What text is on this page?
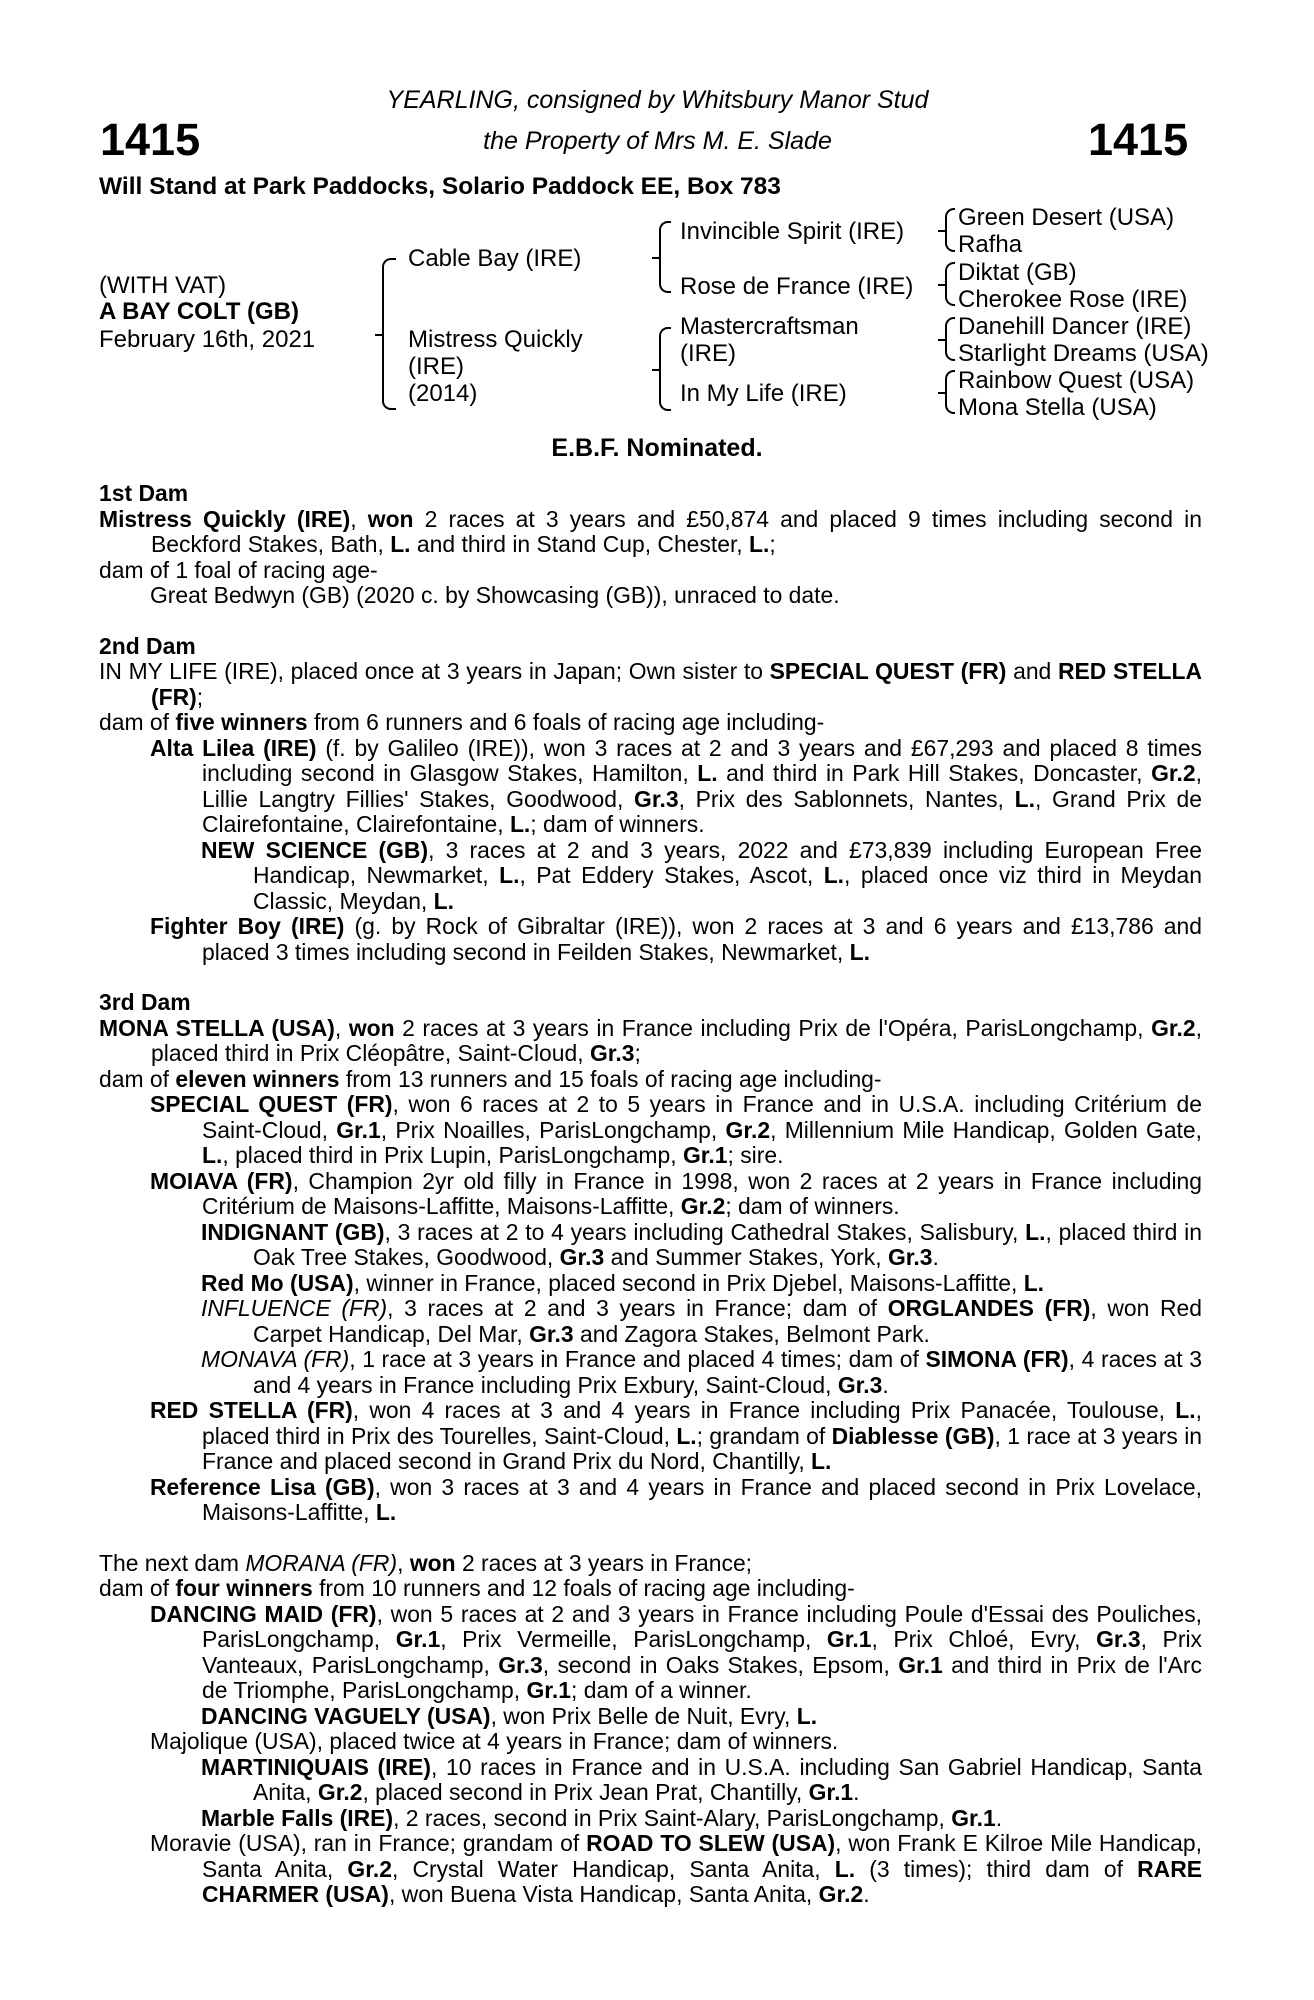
YEARLING, consigned by Whitsbury Manor Stud
the Property of Mrs M. E. Slade
1415	1415
Will Stand at Park Paddocks, Solario Paddock EE, Box 783
(WITH VAT)
A BAY COLT (GB)
February 16th, 2021
Cable Bay (IRE)
Mistress Quickly
(IRE)
(2014)
Invincible Spirit (IRE)
Rose de France (IRE)
Mastercraftsman
(IRE)
In My Life (IRE)
Green Desert (USA)
Rafha
Diktat (GB)
Cherokee Rose (IRE)
Danehill Dancer (IRE)
Starlight Dreams (USA)
Rainbow Quest (USA)
Mona Stella (USA)
E.B.F. Nominated.
1st Dam

Mistress Quickly (IRE), won 2 races at 3 years and £50,874 and placed 9 times including second in Beckford Stakes, Bath, L. and third in Stand Cup, Chester, L.;

dam of 1 foal of racing age-

Great Bedwyn (GB) (2020 c. by Showcasing (GB)), unraced to date.

2nd Dam

IN MY LIFE (IRE), placed once at 3 years in Japan; Own sister to SPECIAL QUEST (FR) and RED STELLA (FR);

dam of five winners from 6 runners and 6 foals of racing age including-

Alta Lilea (IRE) (f. by Galileo (IRE)), won 3 races at 2 and 3 years and £67,293 and placed 8 times including second in Glasgow Stakes, Hamilton, L. and third in Park Hill Stakes, Doncaster, Gr.2, Lillie Langtry Fillies' Stakes, Goodwood, Gr.3, Prix des Sablonnets, Nantes, L., Grand Prix de Clairefontaine, Clairefontaine, L.; dam of winners.

NEW SCIENCE (GB), 3 races at 2 and 3 years, 2022 and £73,839 including European Free Handicap, Newmarket, L., Pat Eddery Stakes, Ascot, L., placed once viz third in Meydan Classic, Meydan, L.

Fighter Boy (IRE) (g. by Rock of Gibraltar (IRE)), won 2 races at 3 and 6 years and £13,786 and placed 3 times including second in Feilden Stakes, Newmarket, L.

3rd Dam

MONA STELLA (USA), won 2 races at 3 years in France including Prix de l'Opéra, ParisLongchamp, Gr.2, placed third in Prix Cléopâtre, Saint-Cloud, Gr.3;

dam of eleven winners from 13 runners and 15 foals of racing age including-

SPECIAL QUEST (FR), won 6 races at 2 to 5 years in France and in U.S.A. including Critérium de Saint-Cloud, Gr.1, Prix Noailles, ParisLongchamp, Gr.2, Millennium Mile Handicap, Golden Gate, L., placed third in Prix Lupin, ParisLongchamp, Gr.1; sire.

MOIAVA (FR), Champion 2yr old filly in France in 1998, won 2 races at 2 years in France including Critérium de Maisons-Laffitte, Maisons-Laffitte, Gr.2; dam of winners.

INDIGNANT (GB), 3 races at 2 to 4 years including Cathedral Stakes, Salisbury, L., placed third in Oak Tree Stakes, Goodwood, Gr.3 and Summer Stakes, York, Gr.3.

Red Mo (USA), winner in France, placed second in Prix Djebel, Maisons-Laffitte, L.

INFLUENCE (FR), 3 races at 2 and 3 years in France; dam of ORGLANDES (FR), won Red Carpet Handicap, Del Mar, Gr.3 and Zagora Stakes, Belmont Park.

MONAVA (FR), 1 race at 3 years in France and placed 4 times; dam of SIMONA (FR), 4 races at 3 and 4 years in France including Prix Exbury, Saint-Cloud, Gr.3.

RED STELLA (FR), won 4 races at 3 and 4 years in France including Prix Panacée, Toulouse, L., placed third in Prix des Tourelles, Saint-Cloud, L.; grandam of Diablesse (GB), 1 race at 3 years in France and placed second in Grand Prix du Nord, Chantilly, L.

Reference Lisa (GB), won 3 races at 3 and 4 years in France and placed second in Prix Lovelace, Maisons-Laffitte, L.

The next dam MORANA (FR), won 2 races at 3 years in France;

dam of four winners from 10 runners and 12 foals of racing age including-

DANCING MAID (FR), won 5 races at 2 and 3 years in France including Poule d'Essai des Pouliches, ParisLongchamp, Gr.1, Prix Vermeille, ParisLongchamp, Gr.1, Prix Chloé, Evry, Gr.3, Prix Vanteaux, ParisLongchamp, Gr.3, second in Oaks Stakes, Epsom, Gr.1 and third in Prix de l'Arc de Triomphe, ParisLongchamp, Gr.1; dam of a winner.

DANCING VAGUELY (USA), won Prix Belle de Nuit, Evry, L.

Majolique (USA), placed twice at 4 years in France; dam of winners.

MARTINIQUAIS (IRE), 10 races in France and in U.S.A. including San Gabriel Handicap, Santa Anita, Gr.2, placed second in Prix Jean Prat, Chantilly, Gr.1.

Marble Falls (IRE), 2 races, second in Prix Saint-Alary, ParisLongchamp, Gr.1.

Moravie (USA), ran in France; grandam of ROAD TO SLEW (USA), won Frank E Kilroe Mile Handicap, Santa Anita, Gr.2, Crystal Water Handicap, Santa Anita, L. (3 times); third dam of RARE CHARMER (USA), won Buena Vista Handicap, Santa Anita, Gr.2.
